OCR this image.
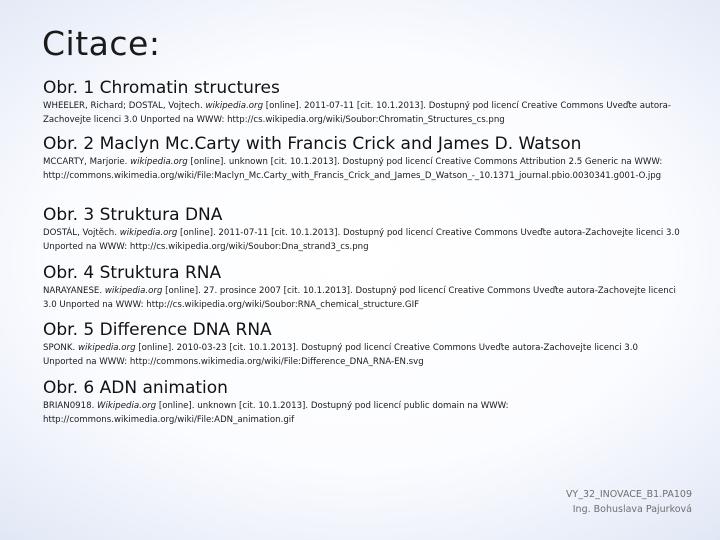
Citace:
Obr. 1 Chromatin structures

WHEELER, Richard; DOSTAL, Vojtech. wikipedia.org [online]. 2011-07-11 [cit. 10.1.2013]. Dostupný pod licencí Creative Commons Uveďte autora-Zachovejte licenci 3.0 Unported na WWW: http://cs.wikipedia.org/wiki/Soubor:Chromatin_Structures_cs.png

Obr. 2 Maclyn Mc.Carty with Francis Crick and James D. Watson

MCCARTY, Marjorie. wikipedia.org [online]. unknown [cit. 10.1.2013]. Dostupný pod licencí Creative Commons Attribution 2.5 Generic na WWW: http://commons.wikimedia.org/wiki/File:Maclyn_Mc.Carty_with_Francis_Crick_and_James_D_Watson_-_10.1371_journal.pbio.0030341.g001-O.jpg

Obr. 3 Struktura DNA

DOSTÁL, Vojtěch. wikipedia.org [online]. 2011-07-11 [cit. 10.1.2013]. Dostupný pod licencí Creative Commons Uveďte autora-Zachovejte licenci 3.0 Unported na WWW: http://cs.wikipedia.org/wiki/Soubor:Dna_strand3_cs.png

Obr. 4 Struktura RNA

NARAYANESE. wikipedia.org [online]. 27. prosince 2007 [cit. 10.1.2013]. Dostupný pod licencí Creative Commons Uveďte autora-Zachovejte licenci 3.0 Unported na WWW: http://cs.wikipedia.org/wiki/Soubor:RNA_chemical_structure.GIF

Obr. 5 Difference DNA RNA

SPONK. wikipedia.org [online]. 2010-03-23 [cit. 10.1.2013]. Dostupný pod licencí Creative Commons Uveďte autora-Zachovejte licenci 3.0 Unported na WWW: http://commons.wikimedia.org/wiki/File:Difference_DNA_RNA-EN.svg

Obr. 6 ADN animation

BRIAN0918. Wikipedia.org [online]. unknown [cit. 10.1.2013]. Dostupný pod licencí public domain na WWW: http://commons.wikimedia.org/wiki/File:ADN_animation.gif

VY_32_INOVACE_B1.PA109
Ing. Bohuslava Pajurková
